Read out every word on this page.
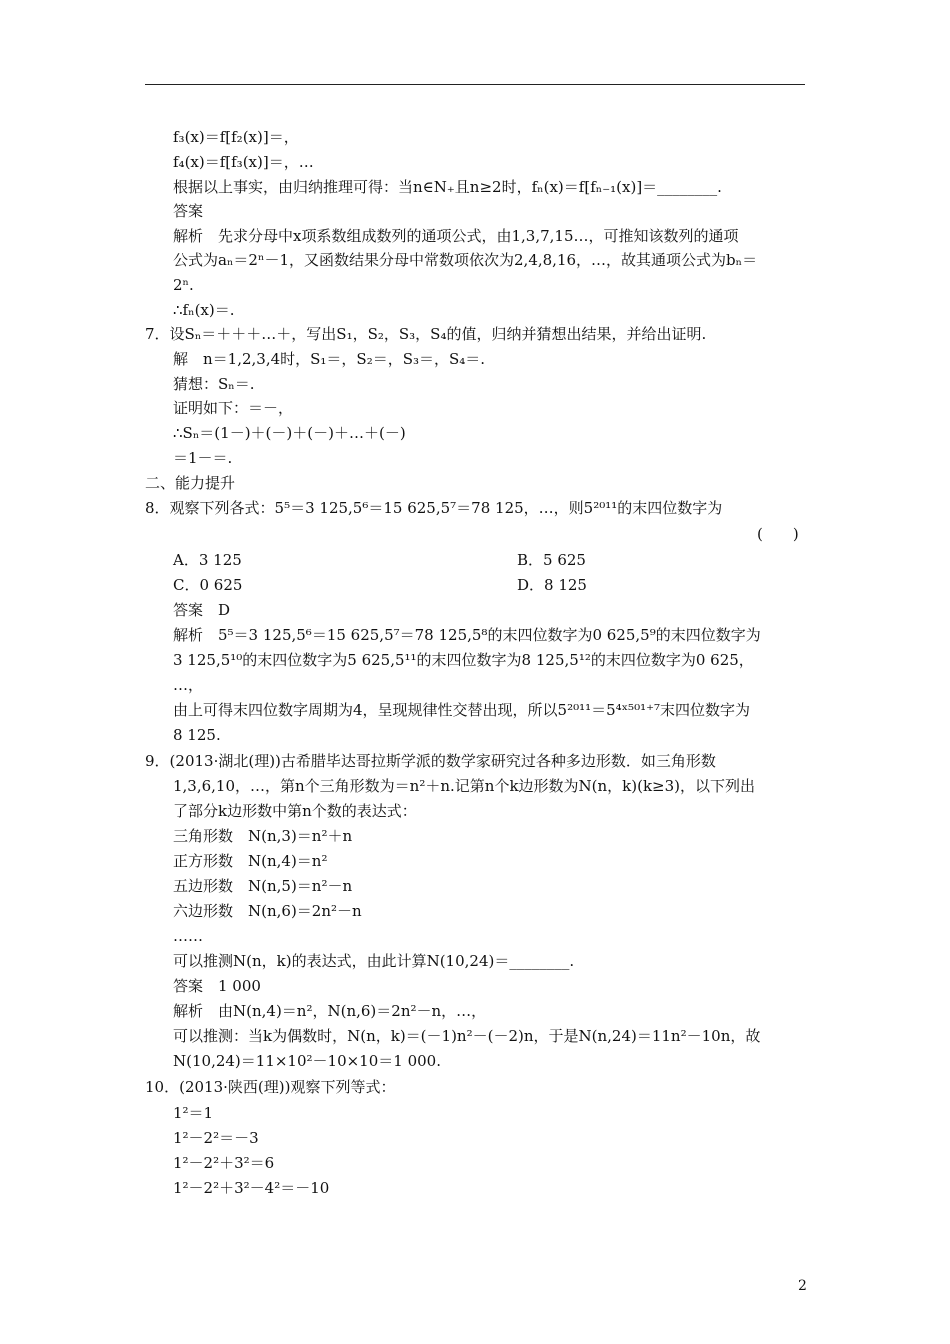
f₃(x)＝f[f₂(x)]＝，
f₄(x)＝f[f₃(x)]＝，…
根据以上事实，由归纳推理可得：当n∈N₊且n≥2时，fₙ(x)＝f[fₙ₋₁(x)]＝________.
答案
解析　先求分母中x项系数组成数列的通项公式，由1,3,7,15…，可推知该数列的通项
公式为aₙ＝2ⁿ－1，又函数结果分母中常数项依次为2,4,8,16，…，故其通项公式为bₙ＝
2ⁿ.
∴fₙ(x)＝.
7．设Sₙ＝＋＋＋…＋，写出S₁，S₂，S₃，S₄的值，归纳并猜想出结果，并给出证明.
解　n＝1,2,3,4时，S₁＝，S₂＝，S₃＝，S₄＝.
猜想：Sₙ＝.
证明如下：＝－，
∴Sₙ＝(1－)＋(－)＋(－)＋…＋(－)
＝1－＝.
二、能力提升
8．观察下列各式：5⁵＝3 125,5⁶＝15 625,5⁷＝78 125，…，则5²⁰¹¹的末四位数字为
(　　)
A．3 125	B．5 625
C．0 625	D．8 125
答案　D
解析　5⁵＝3 125,5⁶＝15 625,5⁷＝78 125,5⁸的末四位数字为0 625,5⁹的末四位数字为
3 125,5¹⁰的末四位数字为5 625,5¹¹的末四位数字为8 125,5¹²的末四位数字为0 625，
…，
由上可得末四位数字周期为4，呈现规律性交替出现，所以5²⁰¹¹＝5⁴ˣ⁵⁰¹⁺⁷末四位数字为
8 125.
9．(2013·湖北(理))古希腊毕达哥拉斯学派的数学家研究过各种多边形数．如三角形数
1,3,6,10，…，第n个三角形数为＝n²＋n.记第n个k边形数为N(n，k)(k≥3)，以下列出
了部分k边形数中第n个数的表达式：
三角形数　N(n,3)＝n²＋n
正方形数　N(n,4)＝n²
五边形数　N(n,5)＝n²－n
六边形数　N(n,6)＝2n²－n
……
可以推测N(n，k)的表达式，由此计算N(10,24)＝________.
答案　1 000
解析　由N(n,4)＝n²，N(n,6)＝2n²－n，…，
可以推测：当k为偶数时，N(n，k)＝(－1)n²－(－2)n，于是N(n,24)＝11n²－10n，故
N(10,24)＝11×10²－10×10＝1 000.
10．(2013·陕西(理))观察下列等式：
1²＝1
1²－2²＝－3
1²－2²＋3²＝6
1²－2²＋3²－4²＝－10
2
